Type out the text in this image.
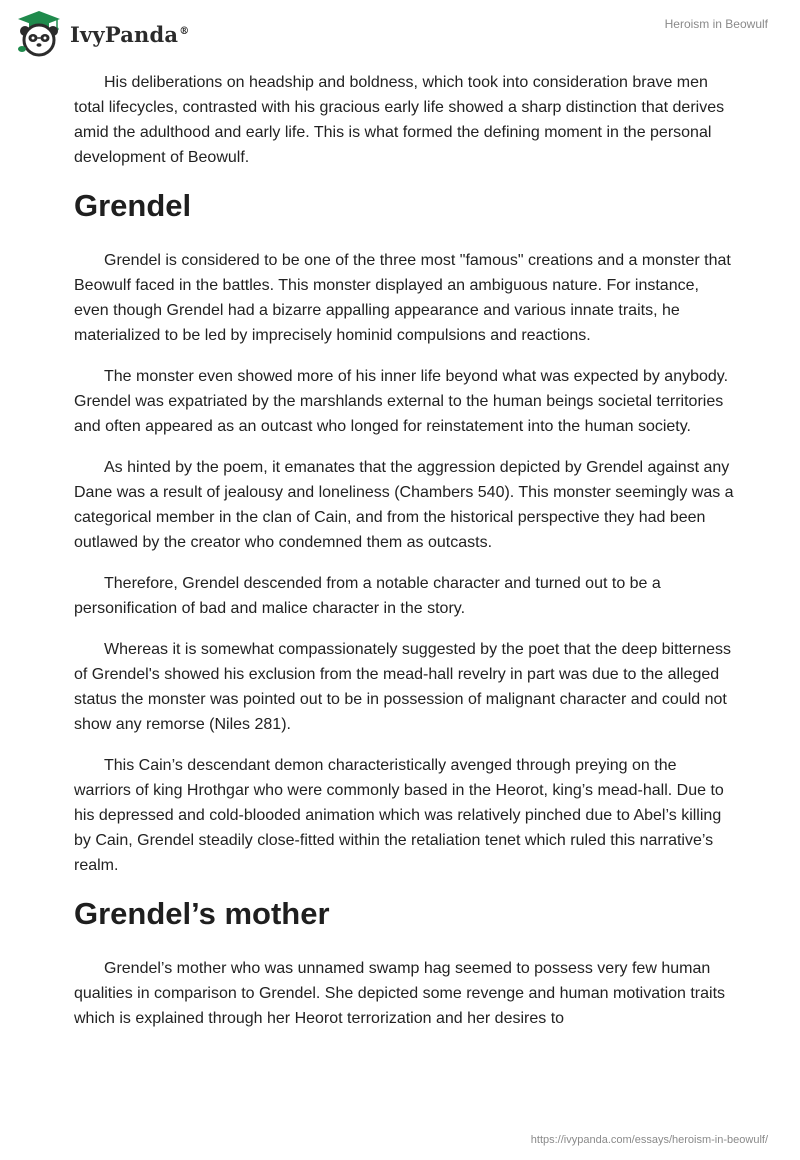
IvyPanda®	Heroism in Beowulf

His deliberations on headship and boldness, which took into consideration brave men total lifecycles, contrasted with his gracious early life showed a sharp distinction that derives amid the adulthood and early life. This is what formed the defining moment in the personal development of Beowulf.

Grendel

Grendel is considered to be one of the three most "famous" creations and a monster that Beowulf faced in the battles. This monster displayed an ambiguous nature. For instance, even though Grendel had a bizarre appalling appearance and various innate traits, he materialized to be led by imprecisely hominid compulsions and reactions.

The monster even showed more of his inner life beyond what was expected by anybody. Grendel was expatriated by the marshlands external to the human beings societal territories and often appeared as an outcast who longed for reinstatement into the human society.

As hinted by the poem, it emanates that the aggression depicted by Grendel against any Dane was a result of jealousy and loneliness (Chambers 540). This monster seemingly was a categorical member in the clan of Cain, and from the historical perspective they had been outlawed by the creator who condemned them as outcasts.

Therefore, Grendel descended from a notable character and turned out to be a personification of bad and malice character in the story.

Whereas it is somewhat compassionately suggested by the poet that the deep bitterness of Grendel's showed his exclusion from the mead-hall revelry in part was due to the alleged status the monster was pointed out to be in possession of malignant character and could not show any remorse (Niles 281).

This Cain’s descendant demon characteristically avenged through preying on the warriors of king Hrothgar who were commonly based in the Heorot, king’s mead-hall. Due to his depressed and cold-blooded animation which was relatively pinched due to Abel’s killing by Cain, Grendel steadily close-fitted within the retaliation tenet which ruled this narrative’s realm.

Grendel’s mother

Grendel’s mother who was unnamed swamp hag seemed to possess very few human qualities in comparison to Grendel. She depicted some revenge and human motivation traits which is explained through her Heorot terrorization and her desires to

https://ivypanda.com/essays/heroism-in-beowulf/
